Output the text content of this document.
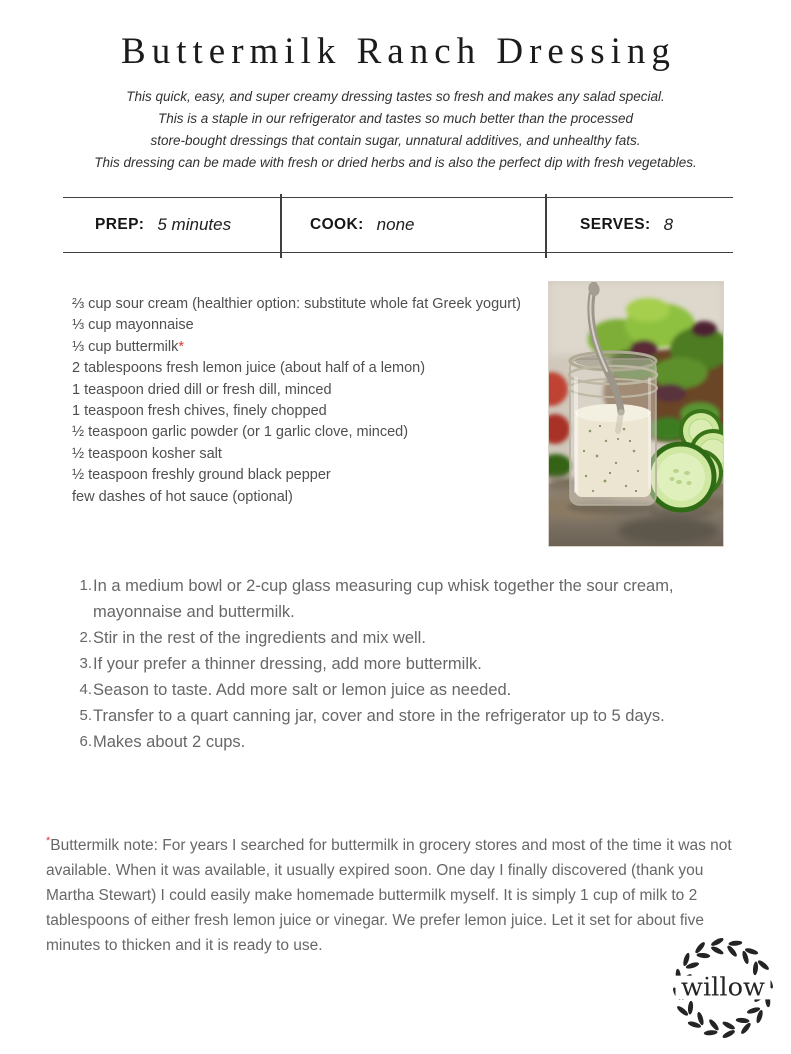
Buttermilk Ranch Dressing
This quick, easy, and super creamy dressing tastes so fresh and makes any salad special.
This is a staple in our refrigerator and tastes so much better than the processed
store-bought dressings that contain sugar, unnatural additives, and unhealthy fats.
This dressing can be made with fresh or dried herbs and is also the perfect dip with fresh vegetables.
PREP: 5 minutes	COOK: none	SERVES: 8
⅔ cup sour cream (healthier option: substitute whole fat Greek yogurt)
⅓ cup mayonnaise
⅓ cup buttermilk*
2 tablespoons fresh lemon juice (about half of a lemon)
1 teaspoon dried dill or fresh dill, minced
1 teaspoon fresh chives, finely chopped
½ teaspoon garlic powder (or 1 garlic clove, minced)
½ teaspoon kosher salt
½ teaspoon freshly ground black pepper
few dashes of hot sauce (optional)
1. In a medium bowl or 2-cup glass measuring cup whisk together the sour cream, mayonnaise and buttermilk.
2. Stir in the rest of the ingredients and mix well.
3. If your prefer a thinner dressing, add more buttermilk.
4. Season to taste. Add more salt or lemon juice as needed.
5. Transfer to a quart canning jar, cover and store in the refrigerator up to 5 days.
6. Makes about 2 cups.

*Buttermilk note: For years I searched for buttermilk in grocery stores and most of the time it was not available. When it was available, it usually expired soon. One day I finally discovered (thank you Martha Stewart) I could easily make homemade buttermilk myself. It is simply 1 cup of milk to 2 tablespoons of either fresh lemon juice or vinegar. We prefer lemon juice. Let it set for about five minutes to thicken and it is ready to use.

willow
